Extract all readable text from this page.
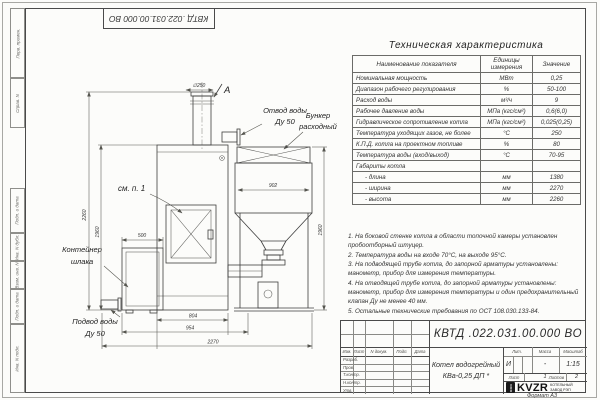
Перв. примен.
Справ. N
Подп. и дата
Инв. N дубл.
Взам. инв. N
Подп. и дата
Инв. N подл.
КВТД .022.031.00.000 ВО
∅250 А
Отвод воды
Ду 50
Бункер
расходный
902
500
Контейнер
шлака
Подвод воды
Ду 50
см. п. 1
2260
1960	1960
804
954
2270
Техническая характеристика
Наименование показателя	Единицы измерения	Значение
Номинальная мощность	МВт	0,25
Диапазон рабочего регулирования	%	50-100
Расход воды	м³/ч	9
Рабочее давление воды	МПа (кгс/см²)	0,6(6,0)
Гидравлическое сопротивление котла	МПа (кгс/см²)	0,025(0,25)
Температура уходящих газов, не более	°С	250
К.П.Д. котла на проектном топливе	%	80
Температура воды (вход/выход)	°С	70-95
Габариты котла		
- длина	мм	1380
- ширина	мм	2270
- высота	мм	2260

1. На боковой стенке котла в области топочной камеры установлен пробоотборный штуцер.

2. Температура воды на входе 70°С, на выходе 95°С.

3. На подводящей трубе котла, до запорной арматуры установлены: манометр, прибор для измерения температуры.

4. На отводящей трубе котла, до запорной арматуры установлены: манометр, прибор для измерения температуры и один предохранительный клапан Ду не менее 40 мм.

5. Остальные технические требования по ОСТ 108.030.133-84.

КВТД .022.031.00.000 ВО
Изм. Лист	N докум.	Подп.	Дата
Разраб.
Пров.
Т.контр.
Н.контр.
Утв.
Котел водогрейный
КВа-0,25 ДП *
Лит.	Масса	Масштаб
И	-	1:15
Лист	1 Листов	2
ООО KVZR КОТЕЛЬНЫЙ
ЗАВОД РЭП
Формат А3
